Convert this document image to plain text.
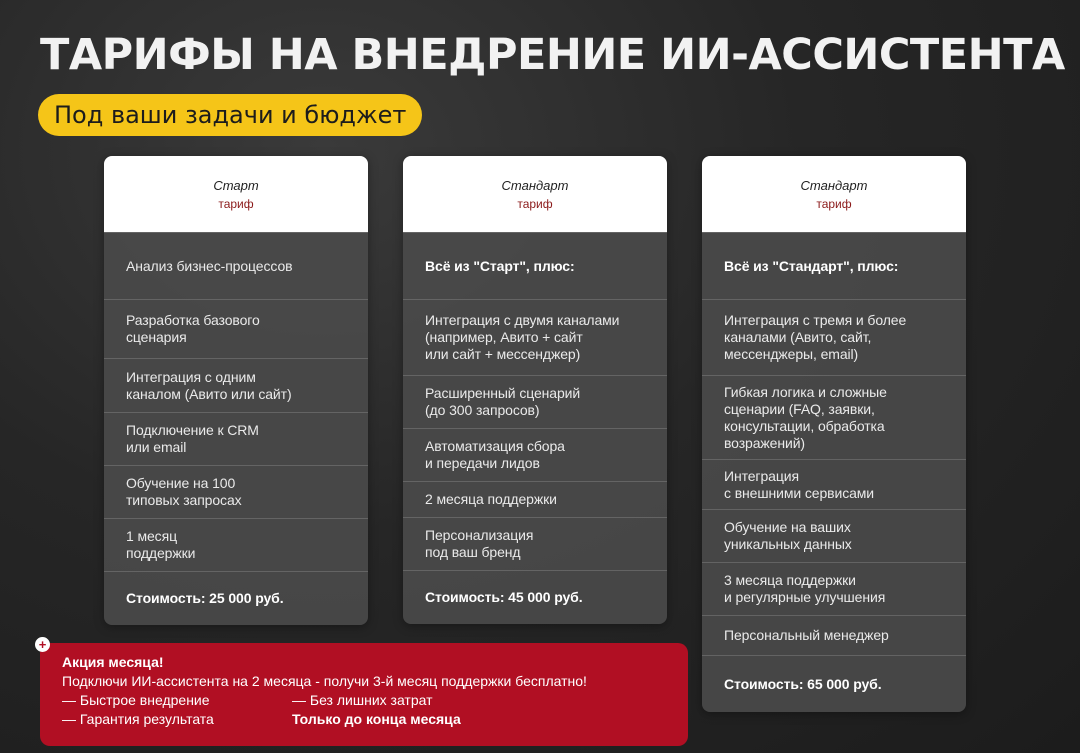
ТАРИФЫ НА ВНЕДРЕНИЕ ИИ-АССИСТЕНТА
Под ваши задачи и бюджет
Старт
тариф
Анализ бизнес-процессов
Разработка базового
сценария
Интеграция с одним
каналом (Авито или сайт)
Подключение к CRM
или email
Обучение на 100
типовых запросах
1 месяц
поддержки
Стоимость: 25 000 руб.
Стандарт
тариф
Всё из "Старт", плюс:
Интеграция с двумя каналами
(например, Авито + сайт
или сайт + мессенджер)
Расширенный сценарий
(до 300 запросов)
Автоматизация сбора
и передачи лидов
2 месяца поддержки
Персонализация
под ваш бренд
Стоимость: 45 000 руб.
Стандарт
тариф
Всё из "Стандарт", плюс:
Интеграция с тремя и более
каналами (Авито, сайт,
мессенджеры, email)
Гибкая логика и сложные
сценарии (FAQ, заявки,
консультации, обработка
возражений)
Интеграция
с внешними сервисами
Обучение на ваших
уникальных данных
3 месяца поддержки
и регулярные улучшения
Персональный менеджер
Стоимость: 65 000 руб.
Акция месяца!
Подключи ИИ-ассистента на 2 месяца - получи 3-й месяц поддержки бесплатно!
— Быстрое внедрение	— Без лишних затрат
— Гарантия результата	Только до конца месяца
+
